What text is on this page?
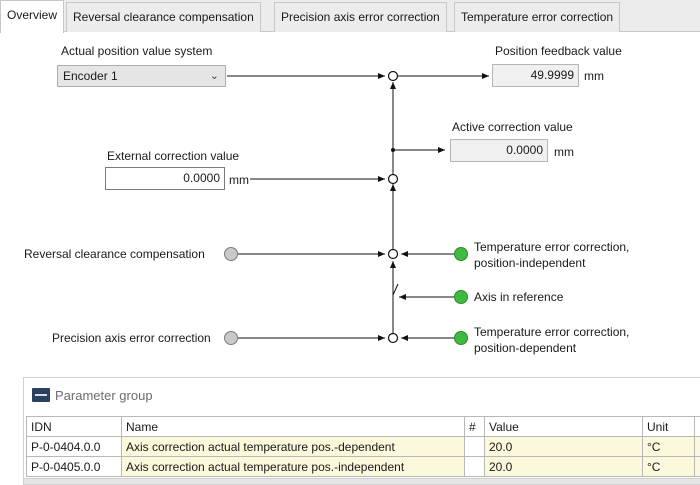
Overview	Reversal clearance compensation	Precision axis error correction	Temperature error correction
Actual position value system
Encoder 1	⌄
Position feedback value
49.9999 mm
Active correction value
0.0000 mm
External correction value
0.0000 mm
Reversal clearance compensation
Precision axis error correction
Temperature error correction,
position-independent
Axis in reference
Temperature error correction,
position-dependent
Parameter group
IDN	Name	#	Value	Unit	
P-0-0404.0.0	Axis correction actual temperature pos.-dependent		20.0	°C	
P-0-0405.0.0	Axis correction actual temperature pos.-independent		20.0	°C	
